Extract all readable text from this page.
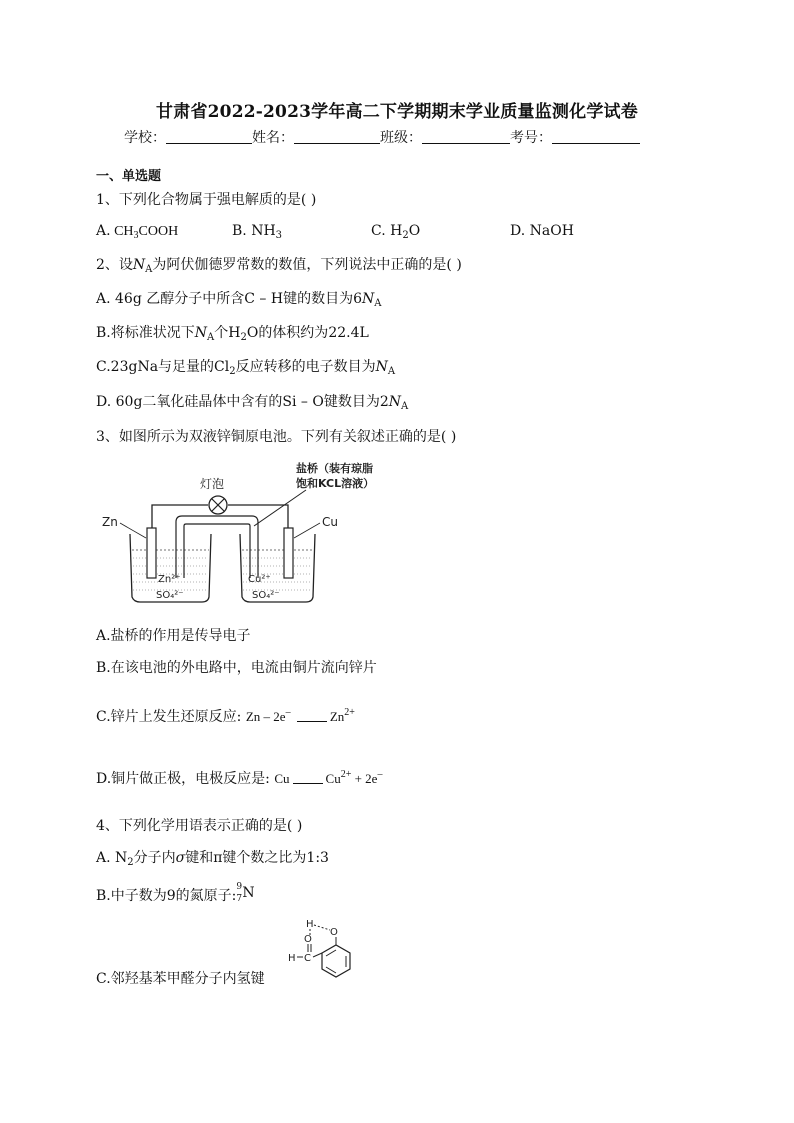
甘肃省2022-2023学年高二下学期期末学业质量监测化学试卷
学校：	姓名：	班级：	考号：
一、单选题
1、下列化合物属于强电解质的是( )
A. $CH_3COOH$	B. $NH_3$	C. $H_2O$	D. NaOH
2、设$N_A$为阿伏伽德罗常数的数值，下列说法中正确的是( )
A. 46g 乙醇分子中所含C – H键的数目为$6N_A$
B.将标准状况下$N_A$个$H_2O$的体积约为22.4L
C.23gNa与足量的$Cl_2$反应转移的电子数目为$N_A$
D. 60g二氧化硅晶体中含有的Si – O键数目为$2N_A$
3、如图所示为双液锌铜原电池。下列有关叙述正确的是( )
灯泡
盐桥（装有琼脂
饱和KCL溶液）
Zn
Zn²⁺
SO₄²⁻
Cu
Cu²⁺
SO₄²⁻
A.盐桥的作用是传导电子
B.在该电池的外电路中，电流由铜片流向锌片
C.锌片上发生还原反应: Zn – 2e–	$Zn^{2+}$
D.铜片做正极，电极反应是: Cu	$Cu^{2+} + 2e^-$
4、下列化学用语表示正确的是( )
A. $N_2$分子内σ键和π键个数之比为1:3
B.中子数为9的氮原子:
9
7 N
H
O
O
H C
C.邻羟基苯甲醛分子内氢键
